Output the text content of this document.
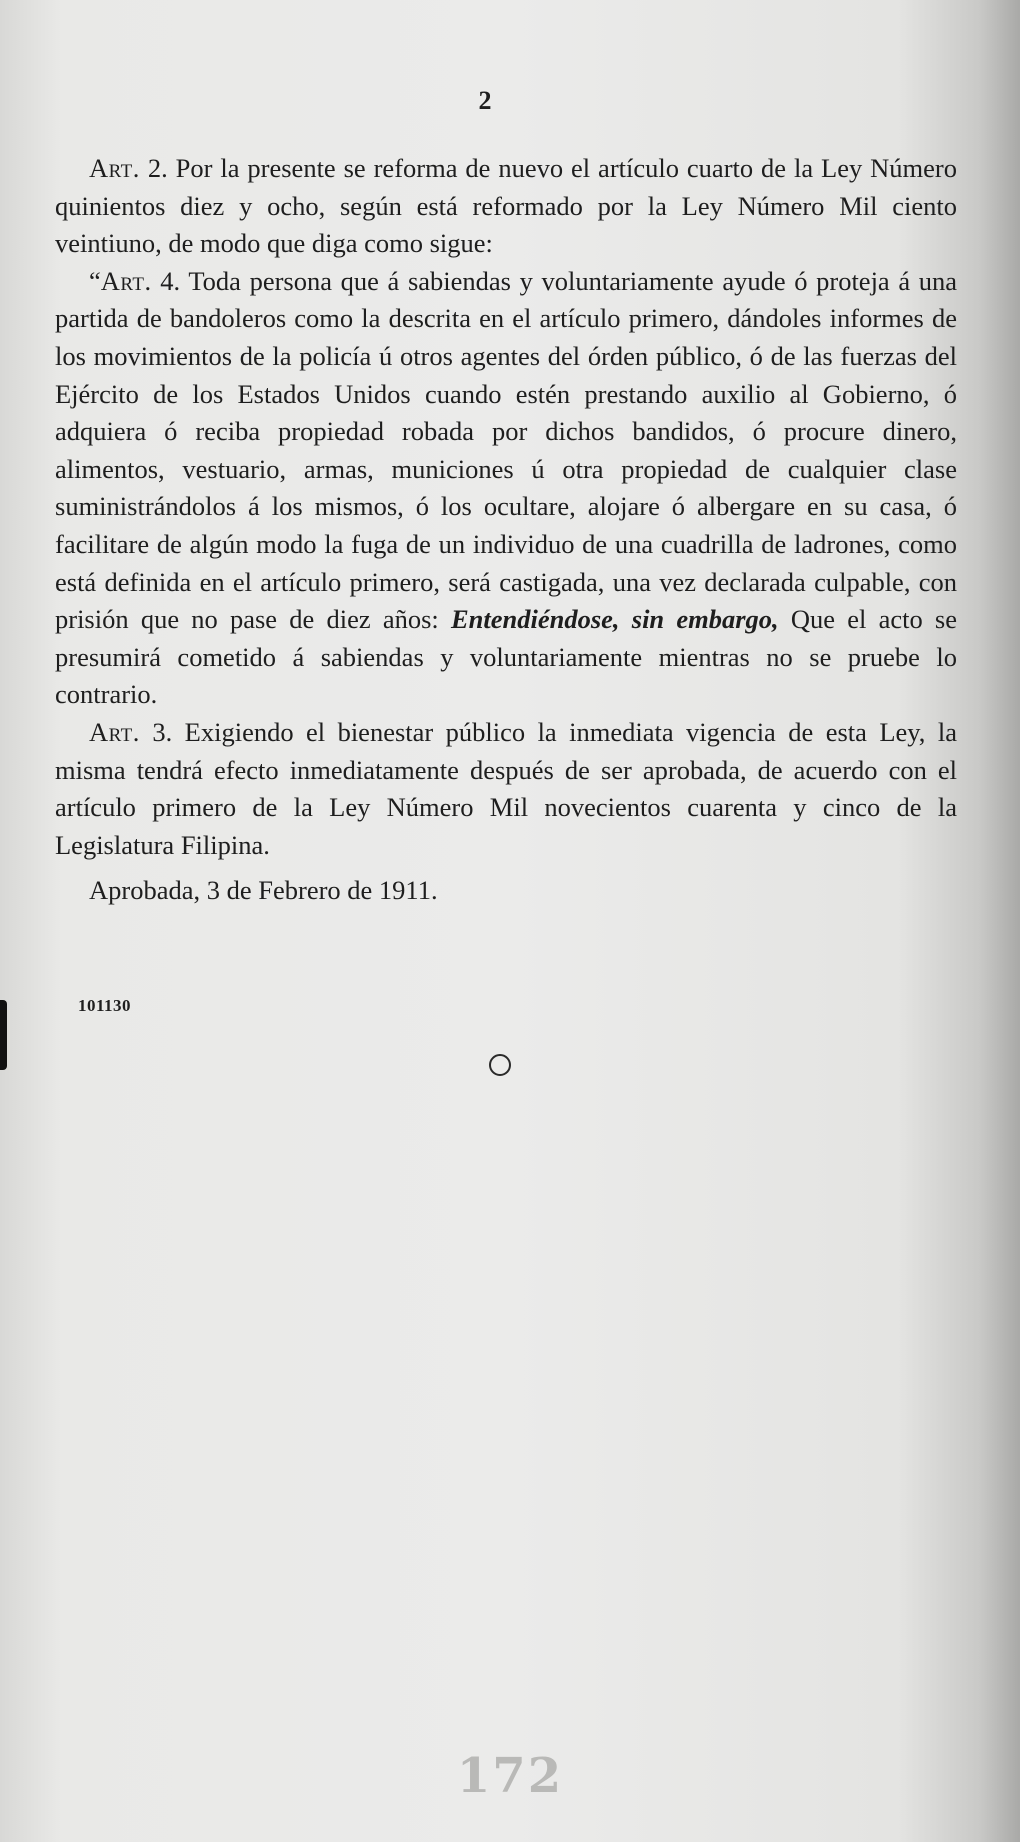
2

Art. 2. Por la presente se reforma de nuevo el artículo cuarto de la Ley Número quinientos diez y ocho, según está reformado por la Ley Número Mil ciento veintiuno, de modo que diga como sigue:

“Art. 4. Toda persona que á sabiendas y voluntariamente ayude ó proteja á una partida de bandoleros como la descrita en el artículo primero, dándoles informes de los movimientos de la policía ú otros agentes del órden público, ó de las fuerzas del Ejército de los Estados Unidos cuando estén prestando auxilio al Gobierno, ó adquiera ó reciba propiedad robada por dichos bandidos, ó procure dinero, alimentos, vestuario, armas, municiones ú otra propiedad de cualquier clase suministrándolos á los mismos, ó los ocultare, alojare ó albergare en su casa, ó facilitare de algún modo la fuga de un individuo de una cuadrilla de ladrones, como está definida en el artículo primero, será castigada, una vez declarada culpable, con prisión que no pase de diez años: Entendiéndose, sin embargo, Que el acto se presumirá cometido á sabiendas y voluntariamente mientras no se pruebe lo contrario.

Art. 3. Exigiendo el bienestar público la inmediata vigencia de esta Ley, la misma tendrá efecto inmediatamente después de ser aprobada, de acuerdo con el artículo primero de la Ley Número Mil novecientos cuarenta y cinco de la Legislatura Filipina.

Aprobada, 3 de Febrero de 1911.

101130
172
